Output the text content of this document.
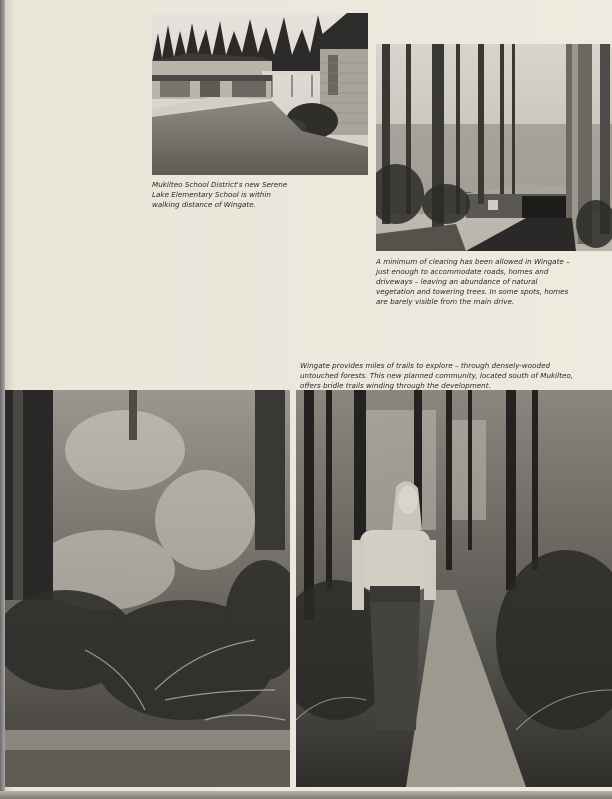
Mukilteo School District's new Serene
Lake Elementary School is within
walking distance of Wingate.

A minimum of clearing has been allowed in Wingate –
just enough to accommodate roads, homes and
driveways – leaving an abundance of natural
vegetation and towering trees. In some spots, homes
are barely visible from the main drive.

Wingate provides miles of trails to explore – through densely-wooded
untouched forests. This new planned community, located south of Mukilteo,
offers bridle trails winding through the development.
